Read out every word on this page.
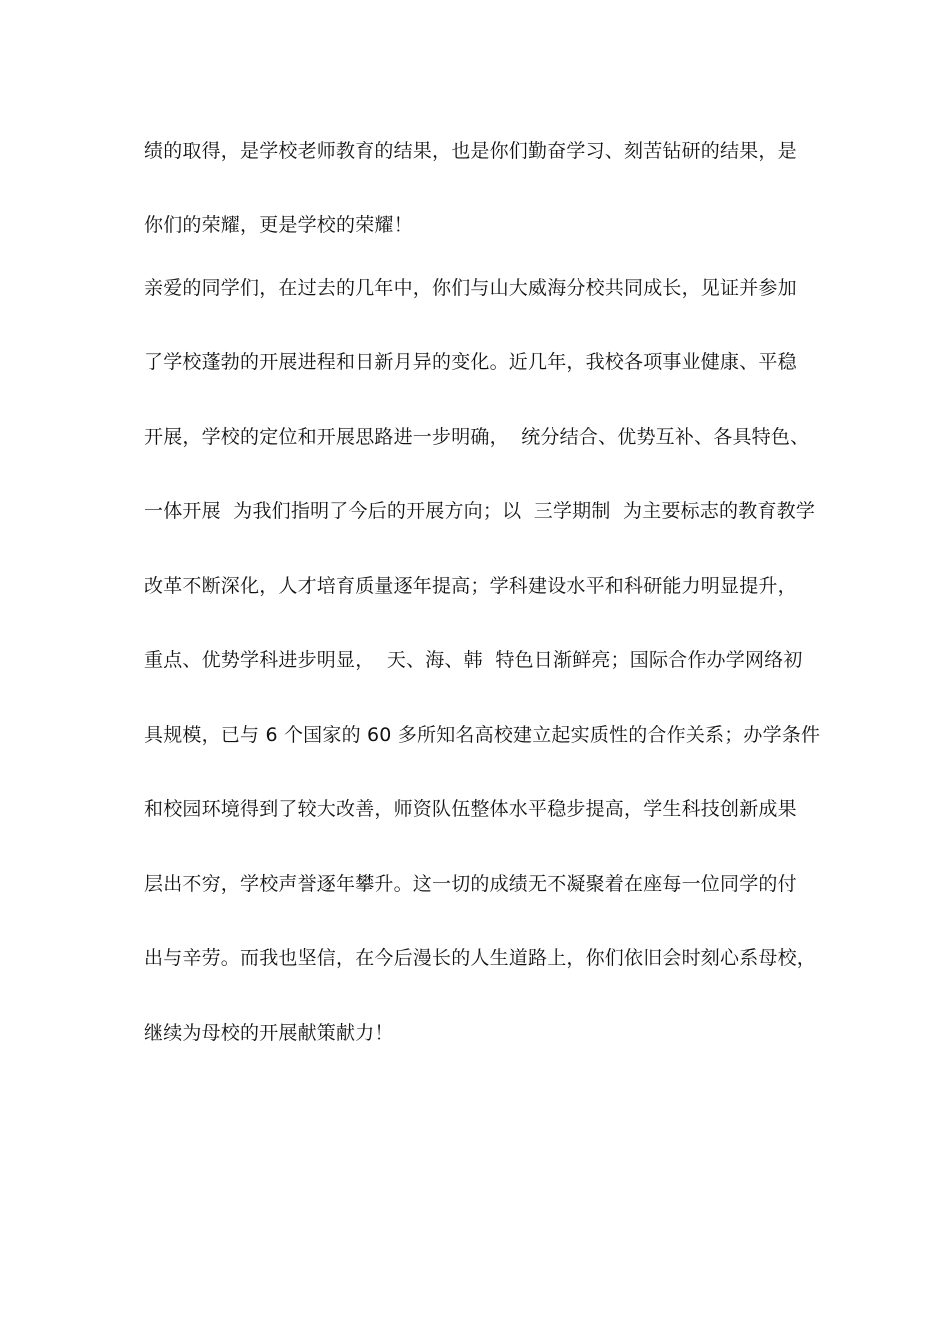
绩的取得，是学校老师教育的结果，也是你们勤奋学习、刻苦钻研的结果，是
你们的荣耀，更是学校的荣耀！
亲爱的同学们，在过去的几年中，你们与山大威海分校共同成长，见证并参加
了学校蓬勃的开展进程和日新月异的变化。近几年，我校各项事业健康、平稳
开展，学校的定位和开展思路进一步明确，  统分结合、优势互补、各具特色、
一体开展  为我们指明了今后的开展方向；以  三学期制  为主要标志的教育教学
改革不断深化，人才培育质量逐年提高；学科建设水平和科研能力明显提升，
重点、优势学科进步明显，  天、海、韩  特色日渐鲜亮；国际合作办学网络初
具规模，已与 6 个国家的 60 多所知名高校建立起实质性的合作关系；办学条件
和校园环境得到了较大改善，师资队伍整体水平稳步提高，学生科技创新成果
层出不穷，学校声誉逐年攀升。这一切的成绩无不凝聚着在座每一位同学的付
出与辛劳。而我也坚信，在今后漫长的人生道路上，你们依旧会时刻心系母校，
继续为母校的开展献策献力！
